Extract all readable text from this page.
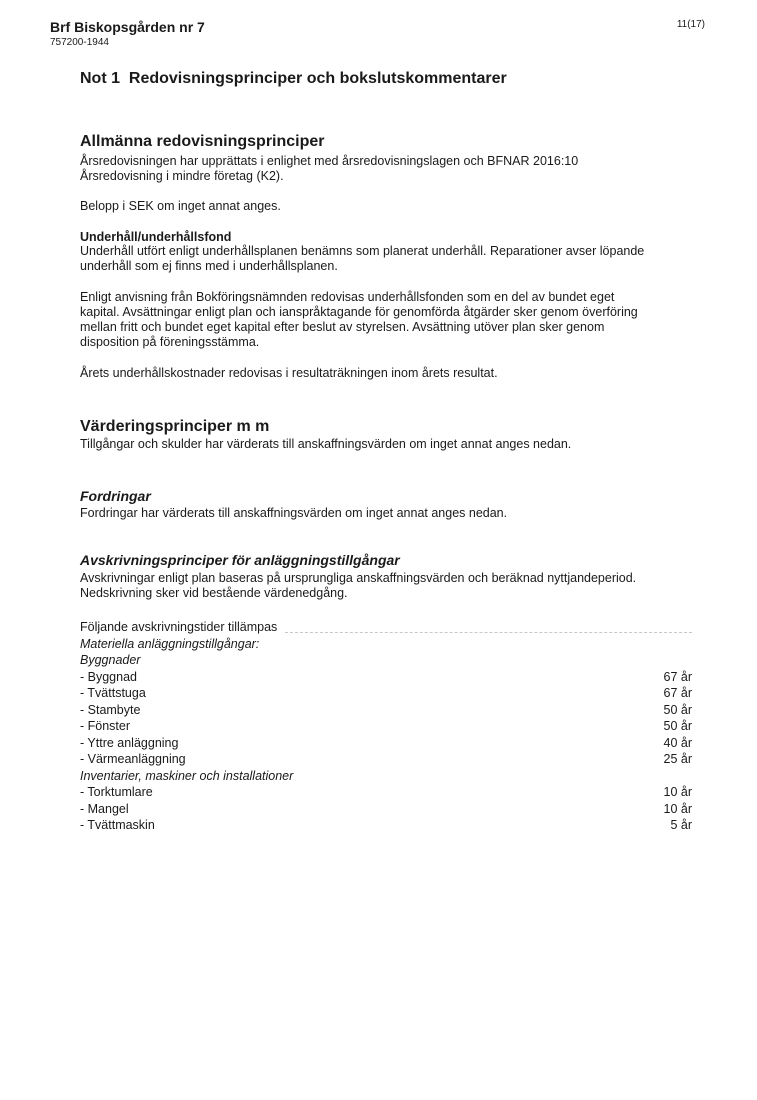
Brf Biskopsgården nr 7
757200-1944
11(17)
Not 1  Redovisningsprinciper och bokslutskommentarer
Allmänna redovisningsprinciper
Årsredovisningen har upprättats i enlighet med årsredovisningslagen och BFNAR 2016:10
Årsredovisning i mindre företag (K2).
Belopp i SEK om inget annat anges.
Underhåll/underhållsfond
Underhåll utfört enligt underhållsplanen benämns som planerat underhåll. Reparationer avser löpande
underhåll som ej finns med i underhållsplanen.
Enligt anvisning från Bokföringsnämnden redovisas underhållsfonden som en del av bundet eget
kapital. Avsättningar enligt plan och ianspråktagande för genomförda åtgärder sker genom överföring
mellan fritt och bundet eget kapital efter beslut av styrelsen. Avsättning utöver plan sker genom
disposition på föreningsstämma.
Årets underhållskostnader redovisas i resultaträkningen inom årets resultat.
Värderingsprinciper m m
Tillgångar och skulder har värderats till anskaffningsvärden om inget annat anges nedan.
Fordringar
Fordringar har värderats till anskaffningsvärden om inget annat anges nedan.
Avskrivningsprinciper för anläggningstillgångar
Avskrivningar enligt plan baseras på ursprungliga anskaffningsvärden och beräknad nyttjandeperiod.
Nedskrivning sker vid bestående värdenedgång.
Följande avskrivningstider tillämpas
Materiella anläggningstillgångar:
Byggnader
- Byggnad	67 år
- Tvättstuga	67 år
- Stambyte	50 år
- Fönster	50 år
- Yttre anläggning	40 år
- Värmeanläggning	25 år
Inventarier, maskiner och installationer
- Torktumlare	10 år
- Mangel	10 år
- Tvättmaskin	5 år
